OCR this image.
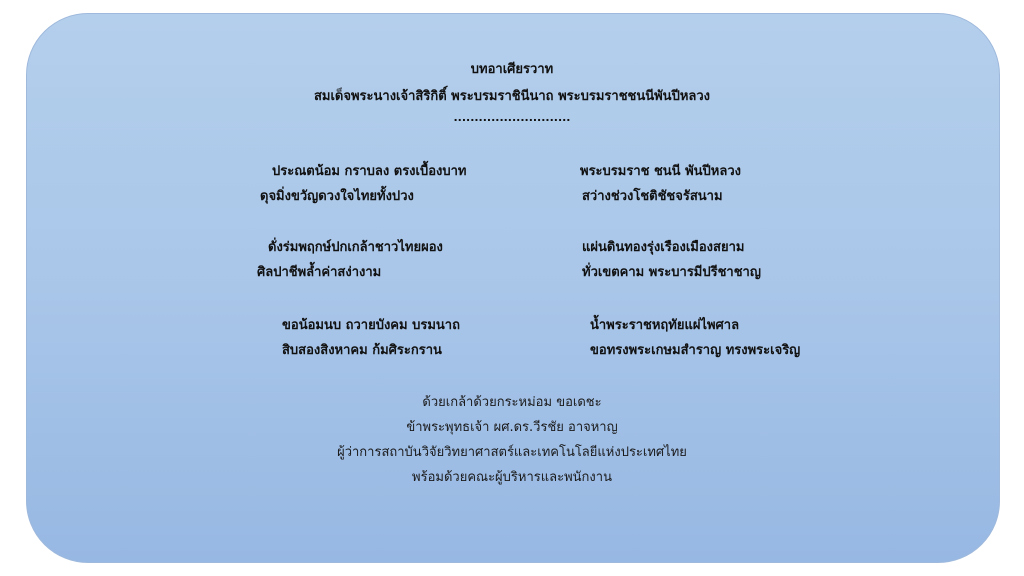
บทอาเศียรวาท
สมเด็จพระนางเจ้าสิริกิติ์ พระบรมราชินีนาถ พระบรมราชชนนีพันปีหลวง
............................
ประณตน้อม กราบลง ตรงเบื้องบาท
ดุจมิ่งขวัญดวงใจไทยทั้งปวง
พระบรมราช ชนนี พันปีหลวง
สว่างช่วงโชติชัชจรัสนาม
ดั่งร่มพฤกษ์ปกเกล้าชาวไทยผอง
ศิลปาชีพล้ำค่าสง่างาม
แผ่นดินทองรุ่งเรืองเมืองสยาม
ทั่วเขตคาม พระบารมีปรีชาชาญ
ขอน้อมนบ ถวายบังคม บรมนาถ
สิบสองสิงหาคม ก้มศิระกราน
น้ำพระราชหฤทัยแผ่ไพศาล
ขอทรงพระเกษมสำราญ ทรงพระเจริญ
ด้วยเกล้าด้วยกระหม่อม ขอเดชะ
ข้าพระพุทธเจ้า ผศ.ดร.วีรชัย อาจหาญ
ผู้ว่าการสถาบันวิจัยวิทยาศาสตร์และเทคโนโลยีแห่งประเทศไทย
พร้อมด้วยคณะผู้บริหารและพนักงาน
